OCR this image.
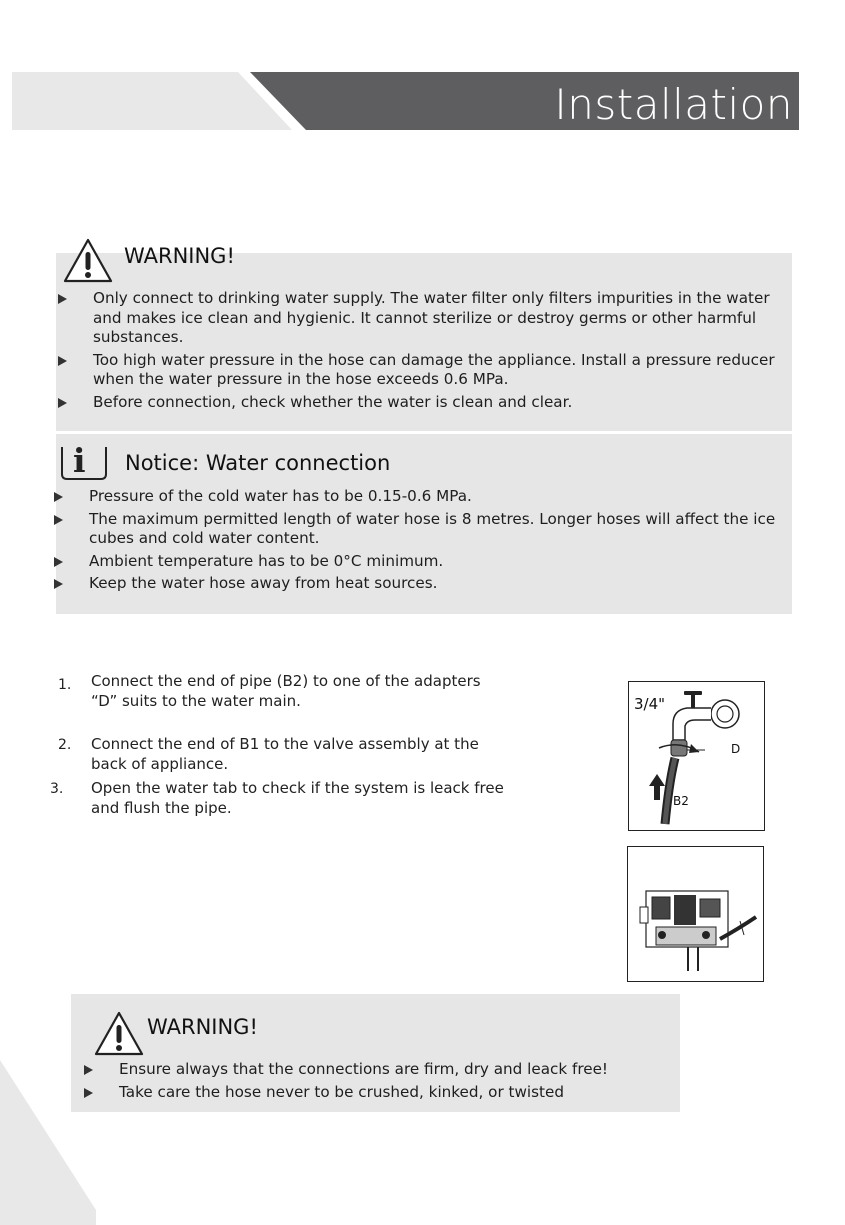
Installation
WARNING!
Only connect to drinking water supply. The water filter only filters impurities in the water and makes ice clean and hygienic. It cannot sterilize or destroy germs or other harmful substances.
Too high water pressure in the hose can damage the appliance. Install a pressure reducer when the water pressure in the hose exceeds 0.6 MPa.
Before connection, check whether the water is clean and clear.
i Notice: Water connection
Pressure of the cold water has to be 0.15-0.6 MPa.
The maximum permitted length of water hose is 8 metres. Longer hoses will affect the ice cubes and cold water content.
Ambient temperature has to be 0°C minimum.
Keep the water hose away from heat sources.
1. Connect the end of pipe (B2) to one of the adapters “D” suits to the water main.
2. Connect the end of B1 to the valve assembly at the back of appliance.
3. Open the water tab to check if the system is leack free and flush the pipe.
3/4"
D
B2
WARNING!
Ensure always that the connections are firm, dry and leack free!
Take care the hose never to be crushed, kinked, or twisted
